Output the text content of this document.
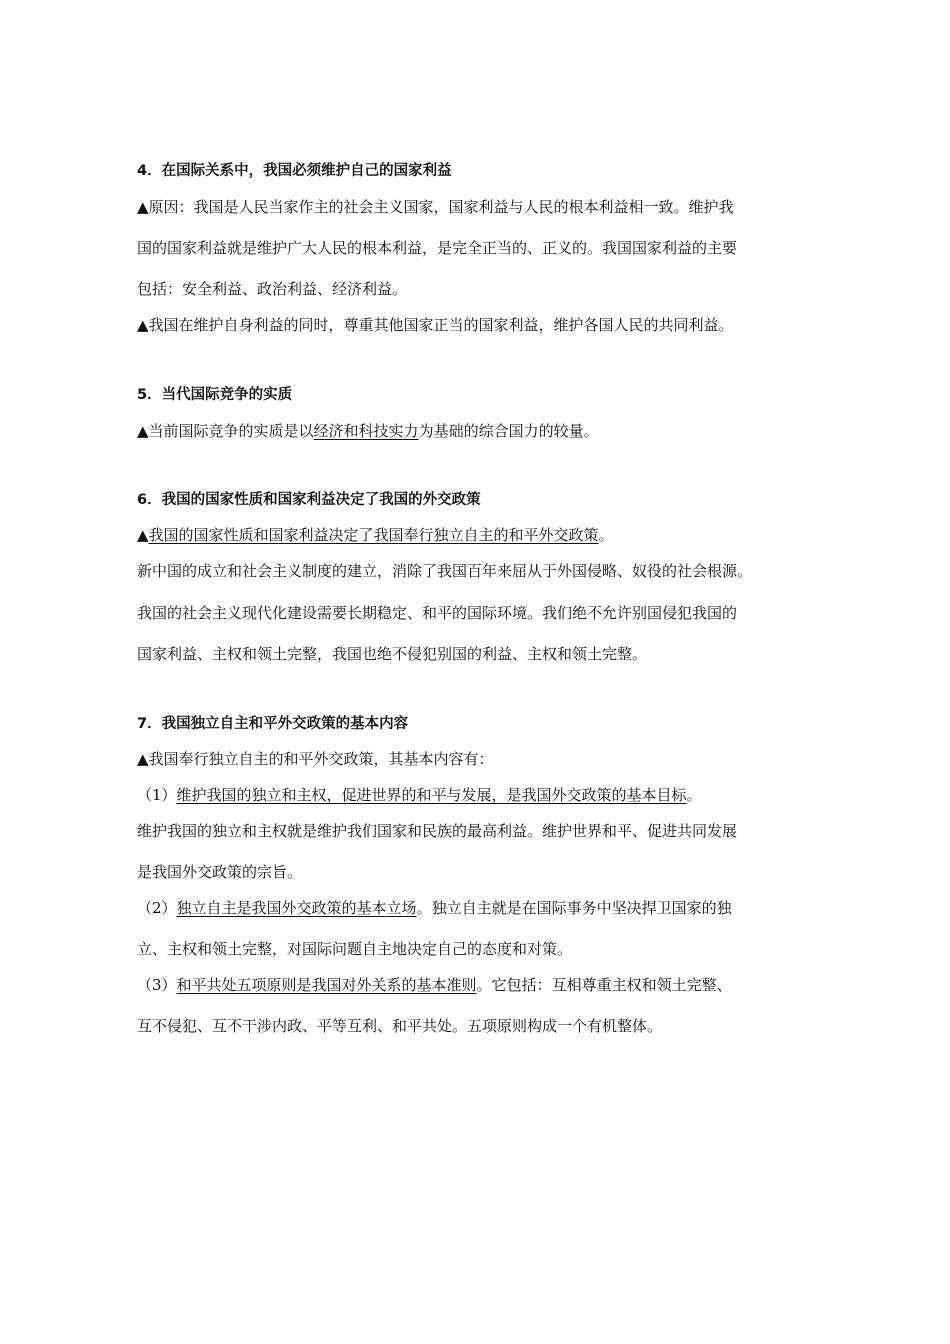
4．在国际关系中，我国必须维护自己的国家利益
▲原因：我国是人民当家作主的社会主义国家，国家利益与人民的根本利益相一致。维护我
国的国家利益就是维护广大人民的根本利益，是完全正当的、正义的。我国国家利益的主要
包括：安全利益、政治利益、经济利益。
▲我国在维护自身利益的同时，尊重其他国家正当的国家利益，维护各国人民的共同利益。
5．当代国际竞争的实质
▲当前国际竞争的实质是以经济和科技实力为基础的综合国力的较量。
6．我国的国家性质和国家利益决定了我国的外交政策
▲我国的国家性质和国家利益决定了我国奉行独立自主的和平外交政策。
新中国的成立和社会主义制度的建立，消除了我国百年来屈从于外国侵略、奴役的社会根源。
我国的社会主义现代化建设需要长期稳定、和平的国际环境。我们绝不允许别国侵犯我国的
国家利益、主权和领土完整，我国也绝不侵犯别国的利益、主权和领土完整。
7．我国独立自主和平外交政策的基本内容
▲我国奉行独立自主的和平外交政策，其基本内容有：
（1）维护我国的独立和主权，促进世界的和平与发展，是我国外交政策的基本目标。
维护我国的独立和主权就是维护我们国家和民族的最高利益。维护世界和平、促进共同发展
是我国外交政策的宗旨。
（2）独立自主是我国外交政策的基本立场。独立自主就是在国际事务中坚决捍卫国家的独
立、主权和领土完整，对国际问题自主地决定自己的态度和对策。
（3）和平共处五项原则是我国对外关系的基本准则。它包括：互相尊重主权和领土完整、
互不侵犯、互不干涉内政、平等互利、和平共处。五项原则构成一个有机整体。
